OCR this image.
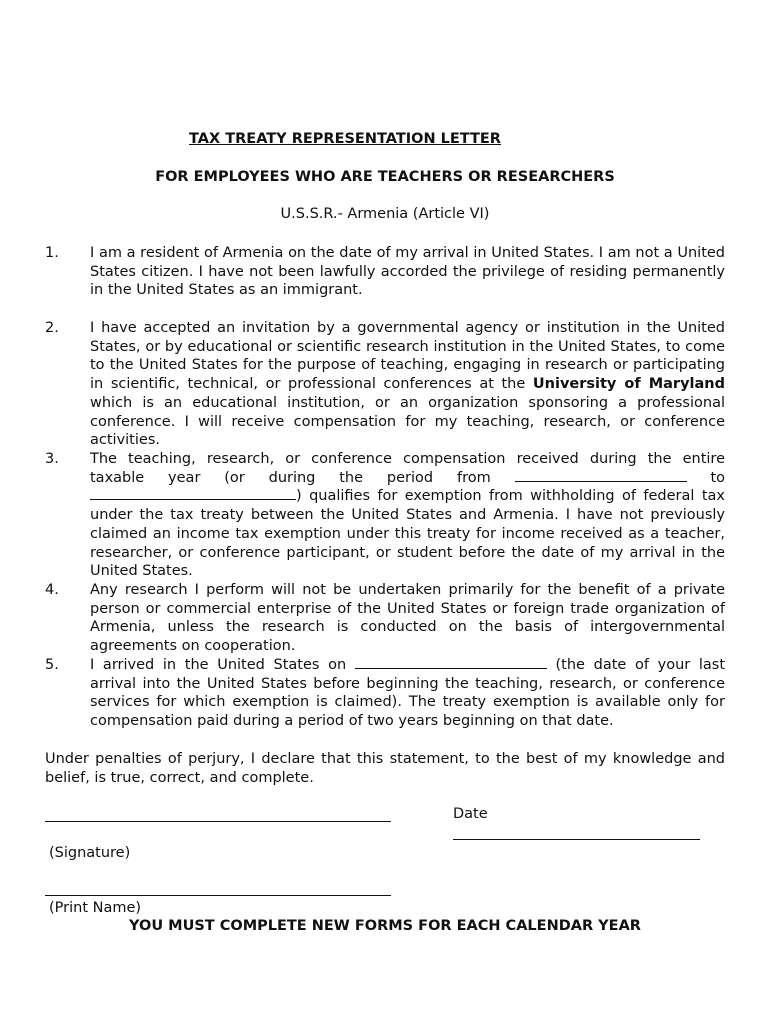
TAX TREATY REPRESENTATION LETTER
FOR EMPLOYEES WHO ARE TEACHERS OR RESEARCHERS
U.S.S.R.- Armenia (Article VI)
1.	I am a resident of Armenia on the date of my arrival in United States. I am not a United States citizen. I have not been lawfully accorded the privilege of residing permanently in the United States as an immigrant.
2.	I have accepted an invitation by a governmental agency or institution in the United States, or by educational or scientific research institution in the United States, to come to the United States for the purpose of teaching, engaging in research or participating in scientific, technical, or professional conferences at the University of Maryland which is an educational institution, or an organization sponsoring a professional conference. I will receive compensation for my teaching, research, or conference activities.
3.	The teaching, research, or conference compensation received during the entire taxable year (or during the period from	to ) qualifies for exemption from withholding of federal tax under the tax treaty between the United States and Armenia. I have not previously claimed an income tax exemption under this treaty for income received as a teacher, researcher, or conference participant, or student before the date of my arrival in the United States.
4.	Any research I perform will not be undertaken primarily for the benefit of a private person or commercial enterprise of the United States or foreign trade organization of Armenia, unless the research is conducted on the basis of intergovernmental agreements on cooperation.
5.	I arrived in the United States on	(the date of your last arrival into the United States before beginning the teaching, research, or conference services for which exemption is claimed). The treaty exemption is available only for compensation paid during a period of two years beginning on that date.
Under penalties of perjury, I declare that this statement, to the best of my knowledge and belief, is true, correct, and complete.
Date
(Signature)
(Print Name)
YOU MUST COMPLETE NEW FORMS FOR EACH CALENDAR YEAR
